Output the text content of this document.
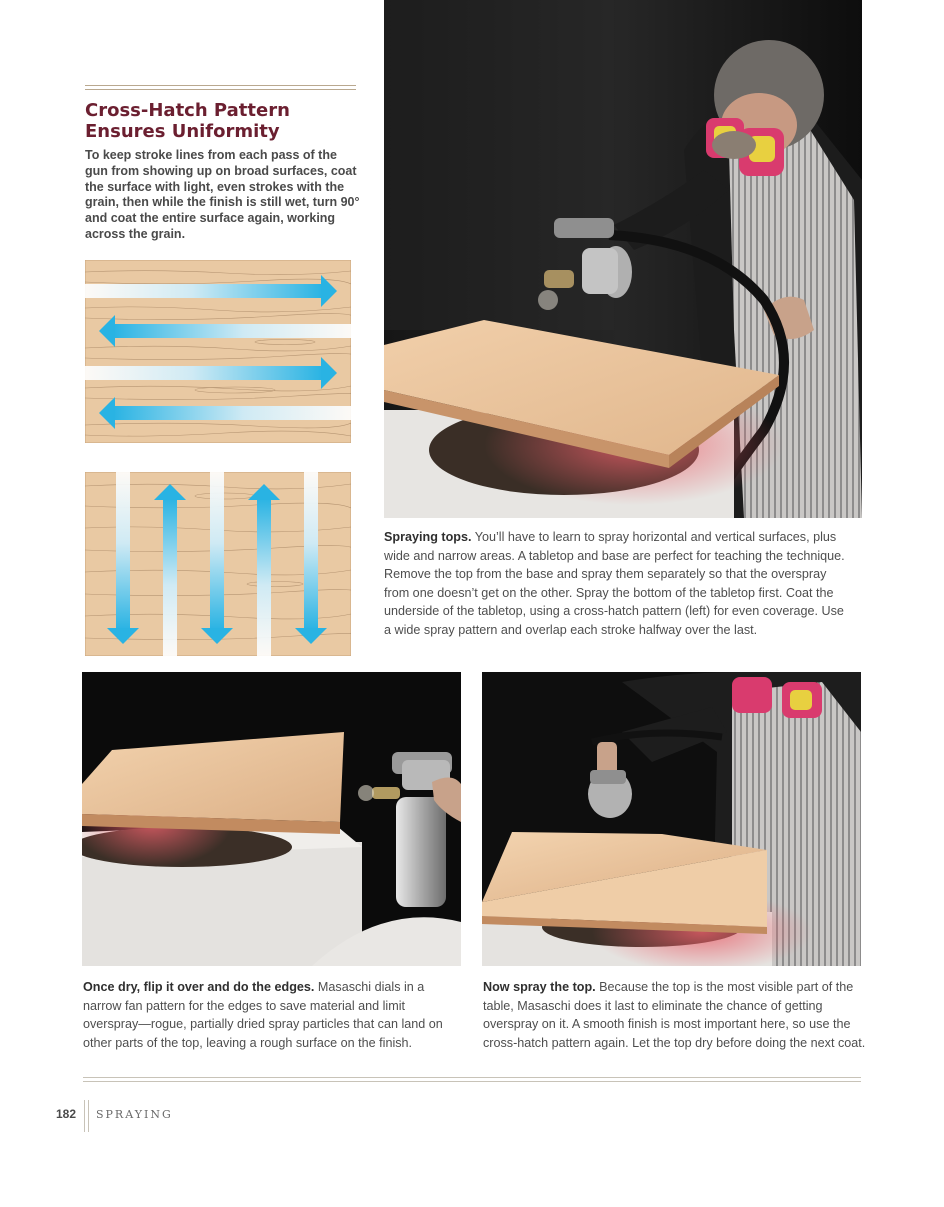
Cross-Hatch Pattern Ensures Uniformity

To keep stroke lines from each pass of the gun from showing up on broad surfaces, coat the surface with light, even strokes with the grain, then while the finish is still wet, turn 90° and coat the entire surface again, working across the grain.

Spraying tops. You’ll have to learn to spray horizontal and vertical surfaces, plus wide and narrow areas. A tabletop and base are perfect for teaching the technique. Remove the top from the base and spray them separately so that the overspray from one doesn’t get on the other. Spray the bottom of the tabletop first. Coat the underside of the tabletop, using a cross-hatch pattern (left) for even coverage. Use a wide spray pattern and overlap each stroke halfway over the last.

Once dry, flip it over and do the edges. Masaschi dials in a narrow fan pattern for the edges to save material and limit overspray—rogue, partially dried spray particles that can land on other parts of the top, leaving a rough surface on the finish.

Now spray the top. Because the top is the most visible part of the table, Masaschi does it last to eliminate the chance of getting overspray on it. A smooth finish is most important here, so use the cross-hatch pattern again. Let the top dry before doing the next coat.

182 SPRAYING
